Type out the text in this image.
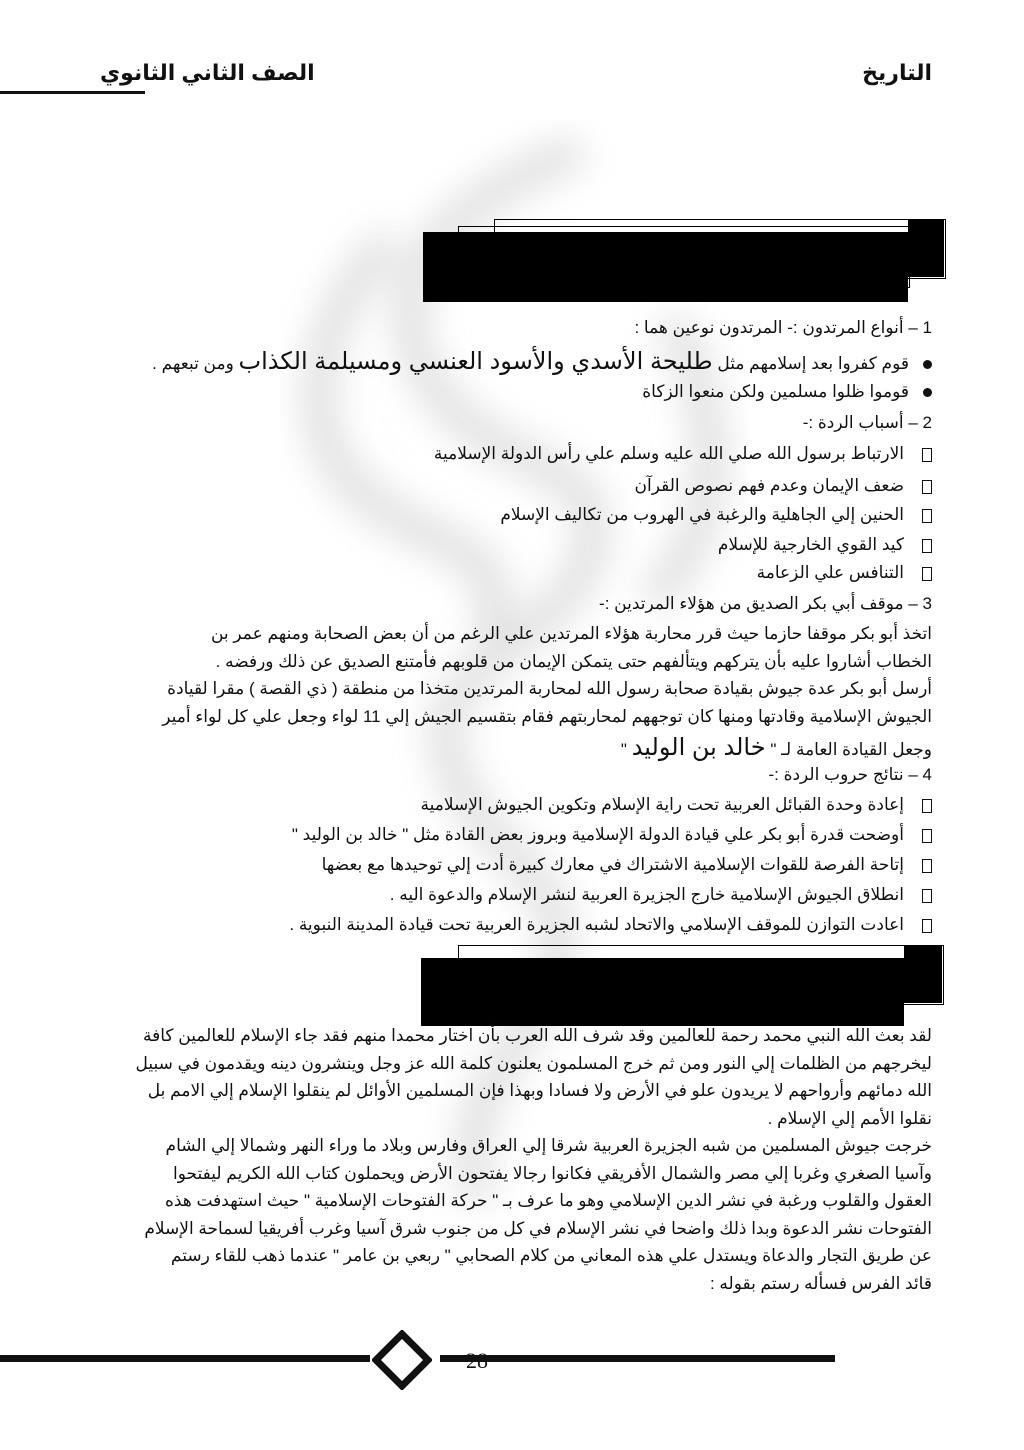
التاريخ
الصف الثاني الثانوي
1 – أنواع المرتدون :- المرتدون نوعين هما :
قوم كفروا بعد إسلامهم مثل طليحة الأسدي والأسود العنسي ومسيلمة الكذاب ومن تبعهم .
قوموا ظلوا مسلمين ولكن منعوا الزكاة
2 – أسباب الردة :-
الارتباط برسول الله صلي الله عليه وسلم علي رأس الدولة الإسلامية
ضعف الإيمان وعدم فهم نصوص القرآن
الحنين إلي الجاهلية والرغبة في الهروب من تكاليف الإسلام
كيد القوي الخارجية للإسلام
التنافس علي الزعامة
3 – موقف أبي بكر الصديق من هؤلاء المرتدين :-
اتخذ أبو بكر موقفا حازما حيث قرر محاربة هؤلاء المرتدين علي الرغم من أن بعض الصحابة ومنهم عمر بن
الخطاب أشاروا عليه بأن يتركهم ويتألفهم حتى يتمكن الإيمان من قلوبهم فأمتنع الصديق عن ذلك ورفضه .
أرسل أبو بكر عدة جيوش بقيادة صحابة رسول الله لمحاربة المرتدين متخذا من منطقة ( ذي القصة ) مقرا لقيادة
الجيوش الإسلامية وقادتها ومنها كان توجههم لمحاربتهم فقام بتقسيم الجيش إلي 11 لواء وجعل علي كل لواء أمير
وجعل القيادة العامة لـ " خالد بن الوليد "
4 – نتائج حروب الردة :-
إعادة وحدة القبائل العربية تحت راية الإسلام وتكوين الجيوش الإسلامية
أوضحت قدرة أبو بكر علي قيادة الدولة الإسلامية وبروز بعض القادة مثل " خالد بن الوليد "
إتاحة الفرصة للقوات الإسلامية الاشتراك في معارك كبيرة أدت إلي توحيدها مع بعضها
انطلاق الجيوش الإسلامية خارج الجزيرة العربية لنشر الإسلام والدعوة اليه .
اعادت التوازن للموقف الإسلامي والاتحاد لشبه الجزيرة العربية تحت قيادة المدينة النبوية .
لقد بعث الله النبي محمد رحمة للعالمين وقد شرف الله العرب بأن اختار محمدا منهم فقد جاء الإسلام للعالمين كافة
ليخرجهم من الظلمات إلي النور ومن ثم خرج المسلمون يعلنون كلمة الله عز وجل وينشرون دينه ويقدمون في سبيل
الله دمائهم وأرواحهم لا يريدون علو في الأرض ولا فسادا وبهذا فإن المسلمين الأوائل لم ينقلوا الإسلام إلي الامم بل
نقلوا الأمم إلي الإسلام .
خرجت جيوش المسلمين من شبه الجزيرة العربية شرقا إلي العراق وفارس وبلاد ما وراء النهر وشمالا إلي الشام
وآسيا الصغري وغربا إلي مصر والشمال الأفريقي فكانوا رجالا يفتحون الأرض ويحملون كتاب الله الكريم ليفتحوا
العقول والقلوب ورغبة في نشر الدين الإسلامي وهو ما عرف بـ " حركة الفتوحات الإسلامية " حيث استهدفت هذه
الفتوحات نشر الدعوة وبدا ذلك واضحا في نشر الإسلام في كل من جنوب شرق آسيا وغرب أفريقيا لسماحة الإسلام
عن طريق التجار والدعاة ويستدل علي هذه المعاني من كلام الصحابي " ربعي بن عامر " عندما ذهب للقاء رستم
قائد الفرس فسأله رستم بقوله :
28
